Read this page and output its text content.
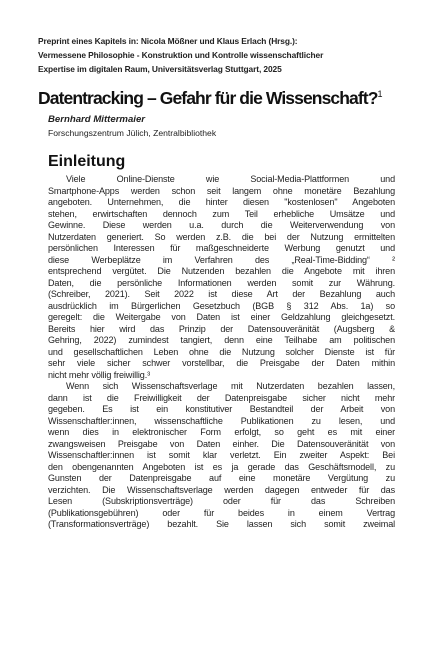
Preprint eines Kapitels in: Nicola Mößner und Klaus Erlach (Hrsg.):
Vermessene Philosophie - Konstruktion und Kontrolle wissenschaftlicher
Expertise im digitalen Raum, Universitätsverlag Stuttgart, 2025
Datentracking – Gefahr für die Wissenschaft?$^1$
Bernhard Mittermaier
Forschungszentrum Jülich, Zentralbibliothek
Einleitung
Viele Online-Dienste wie Social-Media-Plattformen und
Smartphone-Apps werden schon seit langem ohne monetäre Bezahlung
angeboten. Unternehmen, die hinter diesen "kostenlosen" Angeboten
stehen, erwirtschaften dennoch zum Teil erhebliche Umsätze und
Gewinne. Diese werden u.a. durch die Weiterverwendung von
Nutzerdaten generiert. So werden z.B. die bei der Nutzung ermittelten
persönlichen Interessen für maßgeschneiderte Werbung genutzt und
diese Werbeplätze im Verfahren des „Real-Time-Bidding“ ²
entsprechend vergütet. Die Nutzenden bezahlen die Angebote mit ihren
Daten, die persönliche Informationen werden somit zur Währung.
(Schreiber, 2021). Seit 2022 ist diese Art der Bezahlung auch
ausdrücklich im Bürgerlichen Gesetzbuch (BGB § 312 Abs. 1a) so
geregelt: die Weitergabe von Daten ist einer Geldzahlung gleichgesetzt.
Bereits hier wird das Prinzip der Datensouveränität (Augsberg &
Gehring, 2022) zumindest tangiert, denn eine Teilhabe am politischen
und gesellschaftlichen Leben ohne die Nutzung solcher Dienste ist für
sehr viele sicher schwer vorstellbar, die Preisgabe der Daten mithin
nicht mehr völlig freiwillig.³
Wenn sich Wissenschaftsverlage mit Nutzerdaten bezahlen lassen,
dann ist die Freiwilligkeit der Datenpreisgabe sicher nicht mehr
gegeben. Es ist ein konstitutiver Bestandteil der Arbeit von
Wissenschaftler:innen, wissenschaftliche Publikationen zu lesen, und
wenn dies in elektronischer Form erfolgt, so geht es mit einer
zwangsweisen Preisgabe von Daten einher. Die Datensouveränität von
Wissenschaftler:innen ist somit klar verletzt. Ein zweiter Aspekt: Bei
den obengenannten Angeboten ist es ja gerade das Geschäftsmodell, zu
Gunsten der Datenpreisgabe auf eine monetäre Vergütung zu
verzichten. Die Wissenschaftsverlage werden dagegen entweder für das
Lesen (Subskriptionsverträge) oder für das Schreiben
(Publikationsgebühren) oder für beides in einem Vertrag
(Transformationsverträge) bezahlt. Sie lassen sich somit zweimal
